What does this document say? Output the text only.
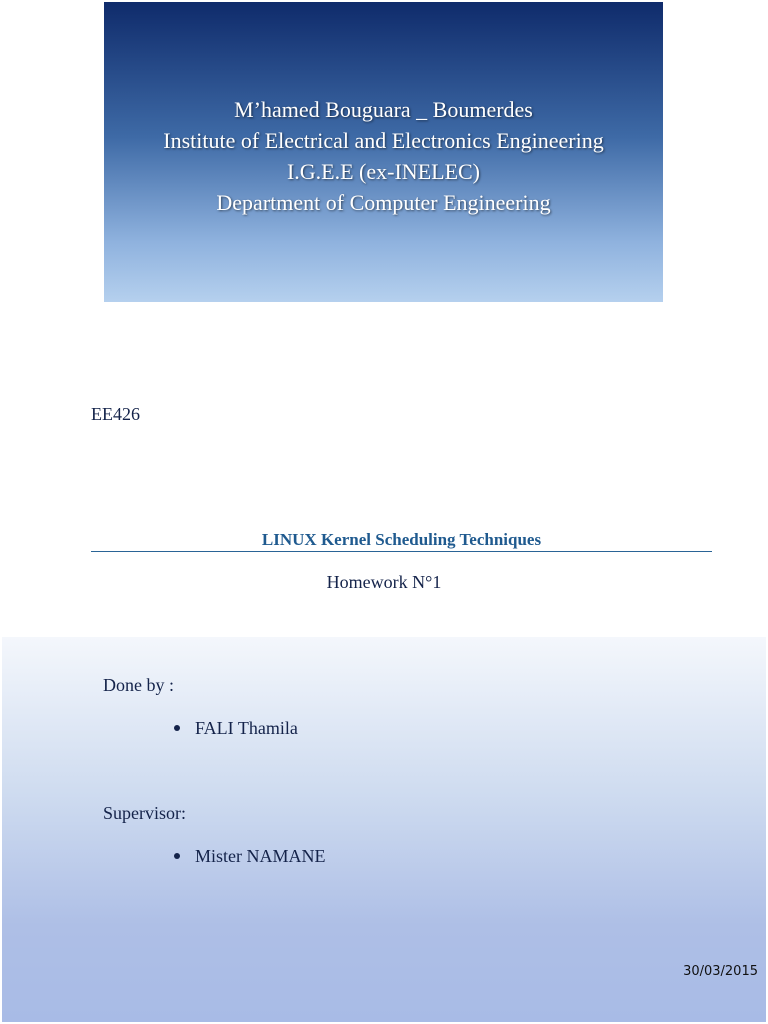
M’hamed Bouguara _ Boumerdes
Institute of Electrical and Electronics Engineering
I.G.E.E (ex-INELEC)
Department of Computer Engineering
EE426
LINUX Kernel Scheduling Techniques
Homework N°1
Done by :
FALI Thamila
Supervisor:
Mister NAMANE
30/03/2015
